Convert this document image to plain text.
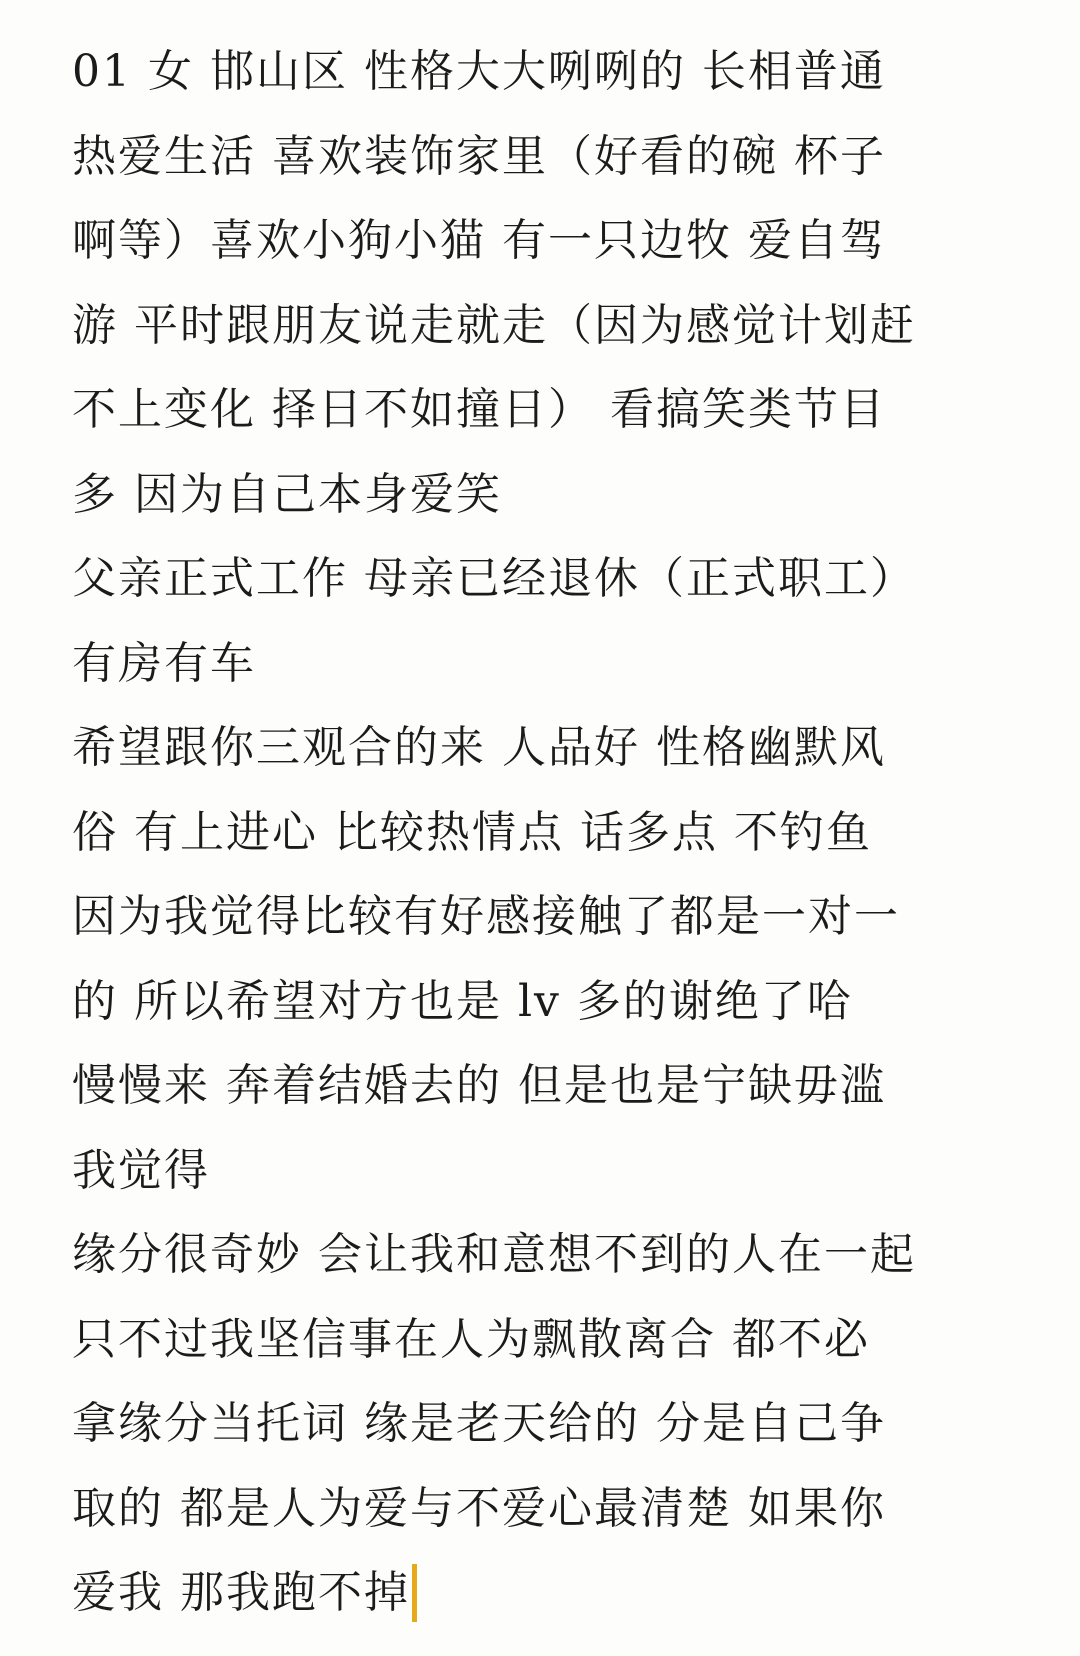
01 女 邯山区 性格大大咧咧的 长相普通
热爱生活 喜欢装饰家里（好看的碗 杯子
啊等）喜欢小狗小猫 有一只边牧 爱自驾
游 平时跟朋友说走就走（因为感觉计划赶
不上变化 择日不如撞日） 看搞笑类节目
多 因为自己本身爱笑
父亲正式工作 母亲已经退休（正式职工）
有房有车
希望跟你三观合的来 人品好 性格幽默风
俗 有上进心 比较热情点 话多点 不钓鱼
因为我觉得比较有好感接触了都是一对一
的 所以希望对方也是 lv 多的谢绝了哈
慢慢来 奔着结婚去的 但是也是宁缺毋滥
我觉得
缘分很奇妙 会让我和意想不到的人在一起
只不过我坚信事在人为飘散离合 都不必
拿缘分当托词 缘是老天给的 分是自己争
取的 都是人为爱与不爱心最清楚 如果你
爱我 那我跑不掉
